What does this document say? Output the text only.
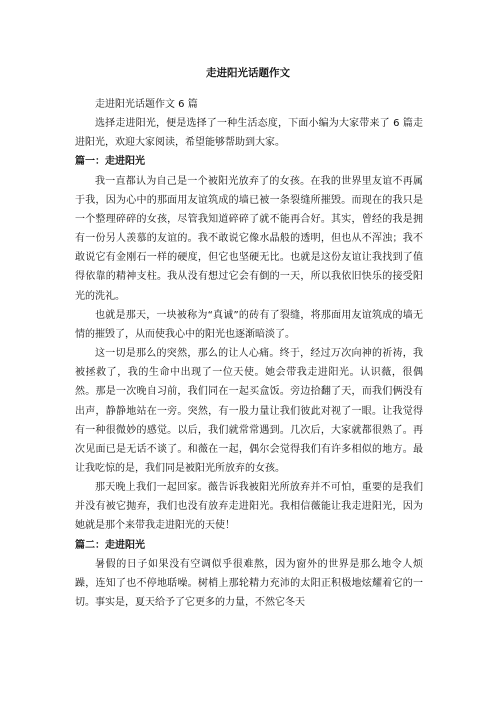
走进阳光话题作文

走进阳光话题作文 6 篇

选择走进阳光，便是选择了一种生活态度，下面小编为大家带来了 6 篇走进阳光，欢迎大家阅读，希望能够帮助到大家。

篇一：走进阳光

我一直都认为自己是一个被阳光放弃了的女孩。在我的世界里友谊不再属于我，因为心中的那面用友谊筑成的墙已被一条裂缝所摧毁。而现在的我只是一个整理碎碎的女孩，尽管我知道碎碎了就不能再合好。其实，曾经的我是拥有一份另人羡慕的友谊的。我不敢说它像水晶般的透明，但也从不浑浊；我不敢说它有金刚石一样的硬度，但它也坚硬无比。也就是这份友谊让我找到了值得依靠的精神支柱。我从没有想过它会有倒的一天，所以我依旧快乐的接受阳光的洗礼。

也就是那天，一块被称为“真诚”的砖有了裂缝，将那面用友谊筑成的墙无情的摧毁了，从而使我心中的阳光也逐渐暗淡了。

这一切是那么的突然，那么的让人心痛。终于，经过万次向神的祈祷，我被拯救了，我的生命中出现了一位天使。她会带我走进阳光。认识薇，很偶然。那是一次晚自习前，我们同在一起买盒饭。旁边拾翻了天，而我们俩没有出声，静静地站在一旁。突然，有一股力量让我们彼此对视了一眼。让我觉得有一种很微妙的感觉。以后，我们就常常遇到。几次后，大家就都很熟了。再次见面已是无话不谈了。和薇在一起，偶尔会觉得我们有许多相似的地方。最让我吃惊的是，我们同是被阳光所放弃的女孩。

那天晚上我们一起回家。薇告诉我被阳光所放弃并不可怕，重要的是我们并没有被它抛弃，我们也没有放弃走进阳光。我相信薇能让我走进阳光，因为她就是那个来带我走进阳光的天使！

篇二：走进阳光

暑假的日子如果没有空调似乎很难熬，因为窗外的世界是那么地令人烦躁，连知了也不停地聒噪。树梢上那轮精力充沛的太阳正积极地炫耀着它的一切。事实是，夏天给予了它更多的力量，不然它冬天
